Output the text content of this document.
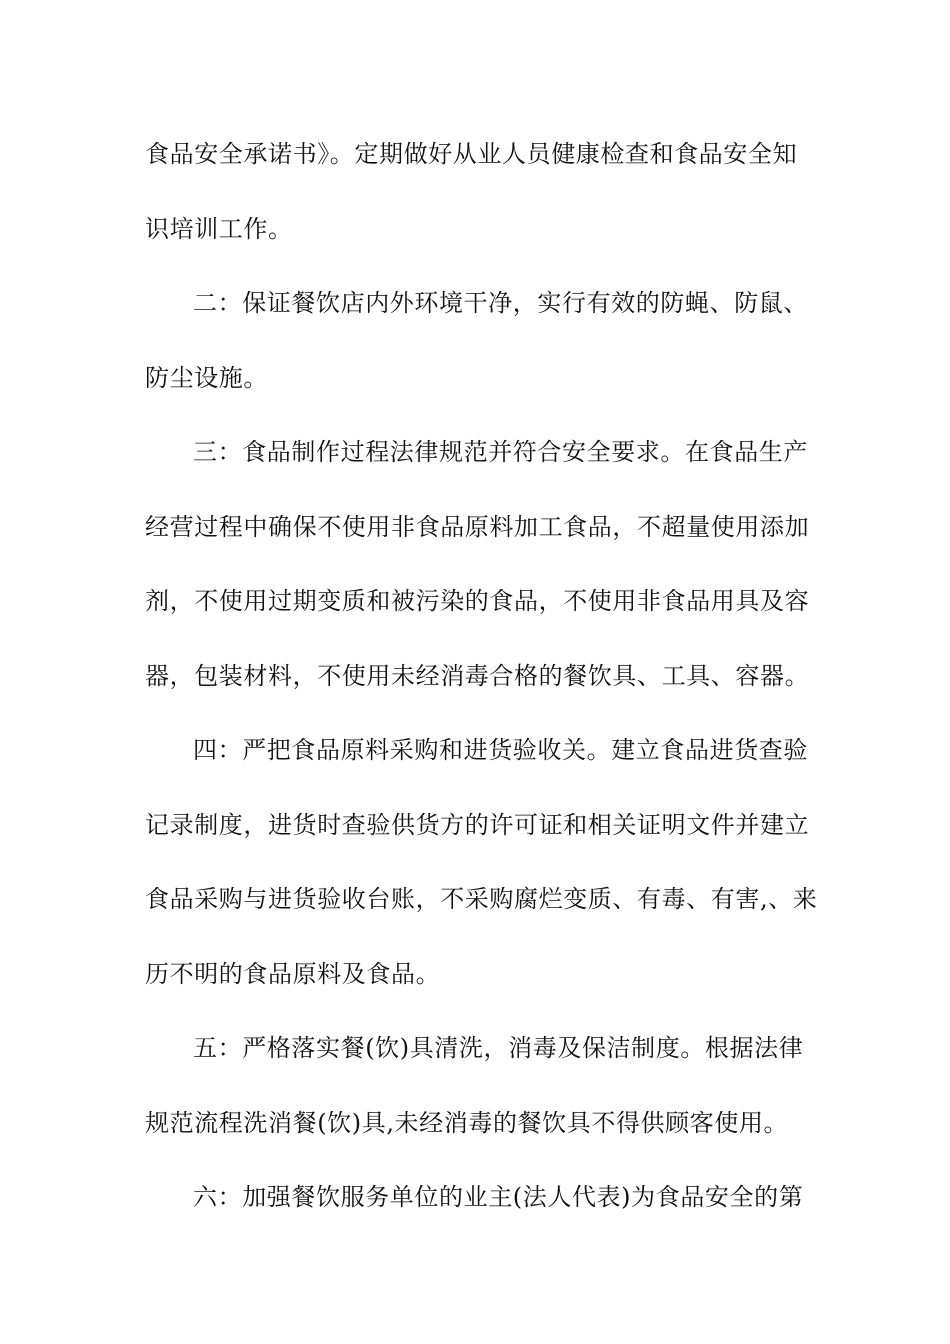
食品安全承诺书》。定期做好从业人员健康检查和食品安全知
识培训工作。
二：保证餐饮店内外环境干净，实行有效的防蝇、防鼠、
防尘设施。
三：食品制作过程法律规范并符合安全要求。在食品生产
经营过程中确保不使用非食品原料加工食品，不超量使用添加
剂，不使用过期变质和被污染的食品，不使用非食品用具及容
器，包装材料，不使用未经消毒合格的餐饮具、工具、容器。
四：严把食品原料采购和进货验收关。建立食品进货查验
记录制度，进货时查验供货方的许可证和相关证明文件并建立
食品采购与进货验收台账，不采购腐烂变质、有毒、有害,、来
历不明的食品原料及食品。
五：严格落实餐(饮)具清洗，消毒及保洁制度。根据法律
规范流程洗消餐(饮)具,未经消毒的餐饮具不得供顾客使用。
六：加强餐饮服务单位的业主(法人代表)为食品安全的第
